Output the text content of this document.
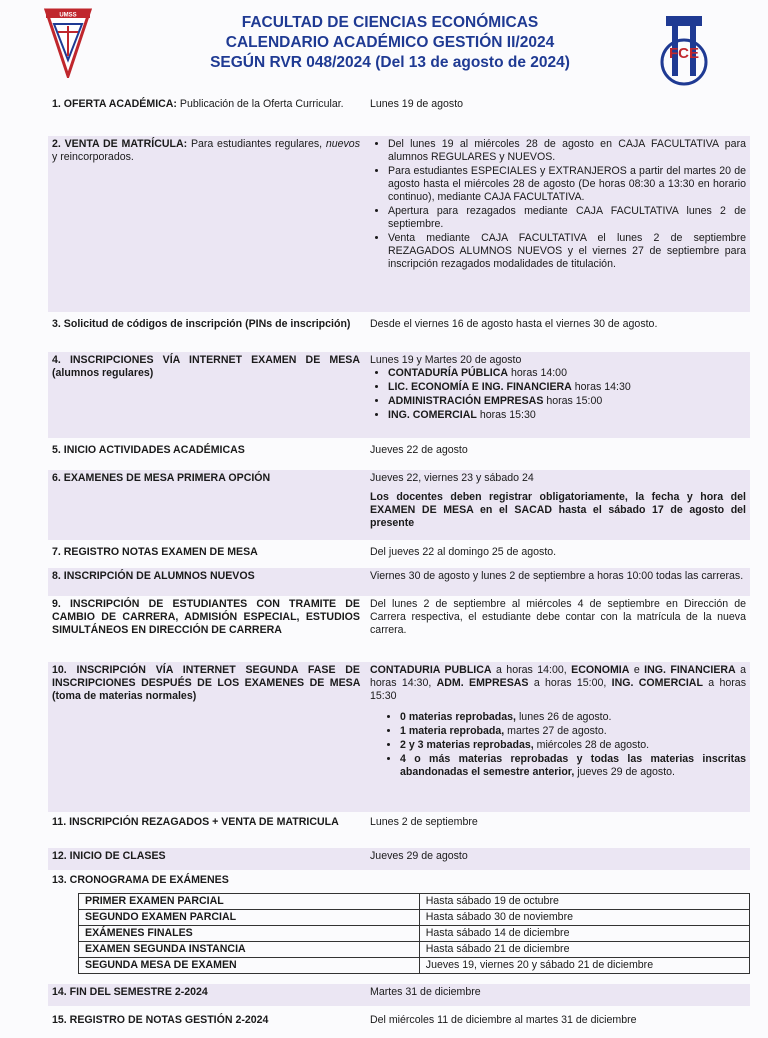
UMSS	FACULTAD DE CIENCIAS ECONÓMICAS
CALENDARIO ACADÉMICO GESTIÓN II/2024
SEGÚN RVR 048/2024 (Del 13 de agosto de 2024)
FCE
1. OFERTA ACADÉMICA: Publicación de la Oferta Curricular.	Lunes 19 de agosto
2. VENTA DE MATRÍCULA: Para estudiantes regulares, nuevos y reincorporados.
• Del lunes 19 al miércoles 28 de agosto en CAJA FACULTATIVA para alumnos REGULARES y NUEVOS.
• Para estudiantes ESPECIALES y EXTRANJEROS a partir del martes 20 de agosto hasta el miércoles 28 de agosto (De horas 08:30 a 13:30 en horario continuo), mediante CAJA FACULTATIVA.
• Apertura para rezagados mediante CAJA FACULTATIVA lunes 2 de septiembre.
• Venta mediante CAJA FACULTATIVA el lunes 2 de septiembre REZAGADOS ALUMNOS NUEVOS y el viernes 27 de septiembre para inscripción rezagados modalidades de titulación.
3. Solicitud de códigos de inscripción (PINs de inscripción)	Desde el viernes 16 de agosto hasta el viernes 30 de agosto.
4. INSCRIPCIONES VÍA INTERNET EXAMEN DE MESA (alumnos regulares)

Lunes 19 y Martes 20 de agosto

• CONTADURÍA PÚBLICA horas 14:00
• LIC. ECONOMÍA E ING. FINANCIERA horas 14:30
• ADMINISTRACIÓN EMPRESAS horas 15:00
• ING. COMERCIAL horas 15:30
5. INICIO ACTIVIDADES ACADÉMICAS	Jueves 22 de agosto
6. EXAMENES DE MESA PRIMERA OPCIÓN	Jueves 22, viernes 23 y sábado 24

Los docentes deben registrar obligatoriamente, la fecha y hora del EXAMEN DE MESA en el SACAD hasta el sábado 17 de agosto del presente

7. REGISTRO NOTAS EXAMEN DE MESA	Del jueves 22 al domingo 25 de agosto.
8. INSCRIPCIÓN DE ALUMNOS NUEVOS	Viernes 30 de agosto y lunes 2 de septiembre a horas 10:00 todas las carreras.
9. INSCRIPCIÓN DE ESTUDIANTES CON TRAMITE DE CAMBIO DE CARRERA, ADMISIÓN ESPECIAL, ESTUDIOS SIMULTÁNEOS EN DIRECCIÓN DE CARRERA
Del lunes 2 de septiembre al miércoles 4 de septiembre en Dirección de Carrera respectiva, el estudiante debe contar con la matrícula de la nueva carrera.
10. INSCRIPCIÓN VÍA INTERNET SEGUNDA FASE DE INSCRIPCIONES DESPUÉS DE LOS EXAMENES DE MESA (toma de materias normales)

CONTADURIA PUBLICA a horas 14:00, ECONOMIA e ING. FINANCIERA a horas 14:30, ADM. EMPRESAS a horas 15:00, ING. COMERCIAL a horas 15:30

• 0 materias reprobadas, lunes 26 de agosto.
• 1 materia reprobada, martes 27 de agosto.
• 2 y 3 materias reprobadas, miércoles 28 de agosto.
• 4 o más materias reprobadas y todas las materias inscritas abandonadas el semestre anterior, jueves 29 de agosto.
11. INSCRIPCIÓN REZAGADOS + VENTA DE MATRICULA	Lunes 2 de septiembre
12. INICIO DE CLASES	Jueves 29 de agosto
13. CRONOGRAMA DE EXÁMENES
PRIMER EXAMEN PARCIAL	Hasta sábado 19 de octubre
SEGUNDO EXAMEN PARCIAL	Hasta sábado 30 de noviembre
EXÁMENES FINALES	Hasta sábado 14 de diciembre
EXAMEN SEGUNDA INSTANCIA	Hasta sábado 21 de diciembre
SEGUNDA MESA DE EXAMEN	Jueves 19, viernes 20 y sábado 21 de diciembre
14. FIN DEL SEMESTRE 2-2024	Martes 31 de diciembre
15. REGISTRO DE NOTAS GESTIÓN 2-2024	Del miércoles 11 de diciembre al martes 31 de diciembre
